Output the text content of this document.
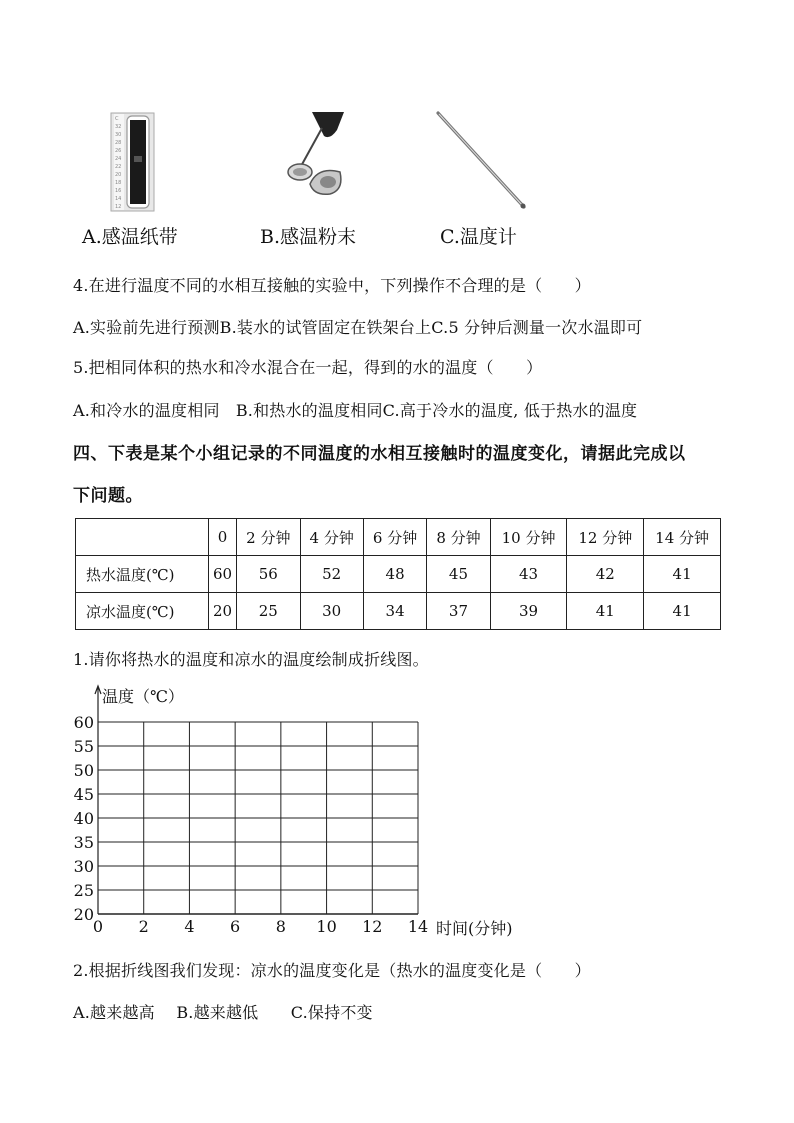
C
32
30
28
26
24
22
20
18
16
14
12
A.感温纸带	B.感温粉末	C.温度计
4.在进行温度不同的水相互接触的实验中，下列操作不合理的是（　　）
A.实验前先进行预测B.装水的试管固定在铁架台上C.5 分钟后测量一次水温即可
5.把相同体积的热水和冷水混合在一起，得到的水的温度（　　）
A.和冷水的温度相同　B.和热水的温度相同C.高于冷水的温度, 低于热水的温度
四、下表是某个小组记录的不同温度的水相互接触时的温度变化，请据此完成以
下问题。
	0	2 分钟	4 分钟	6 分钟	8 分钟	10 分钟	12 分钟	14 分钟
热水温度(℃)	60	56	52	48	45	43	42	41
凉水温度(℃)	20	25	30	34	37	39	41	41
1.请你将热水的温度和凉水的温度绘制成折线图。
60
55
50
45
40
35
30
25
20
0 2 4 6 8 10 12 14
温度（℃）
时间(分钟)
2.根据折线图我们发现：凉水的温度变化是（热水的温度变化是（　　）
A.越来越高　 B.越来越低　　C.保持不变
